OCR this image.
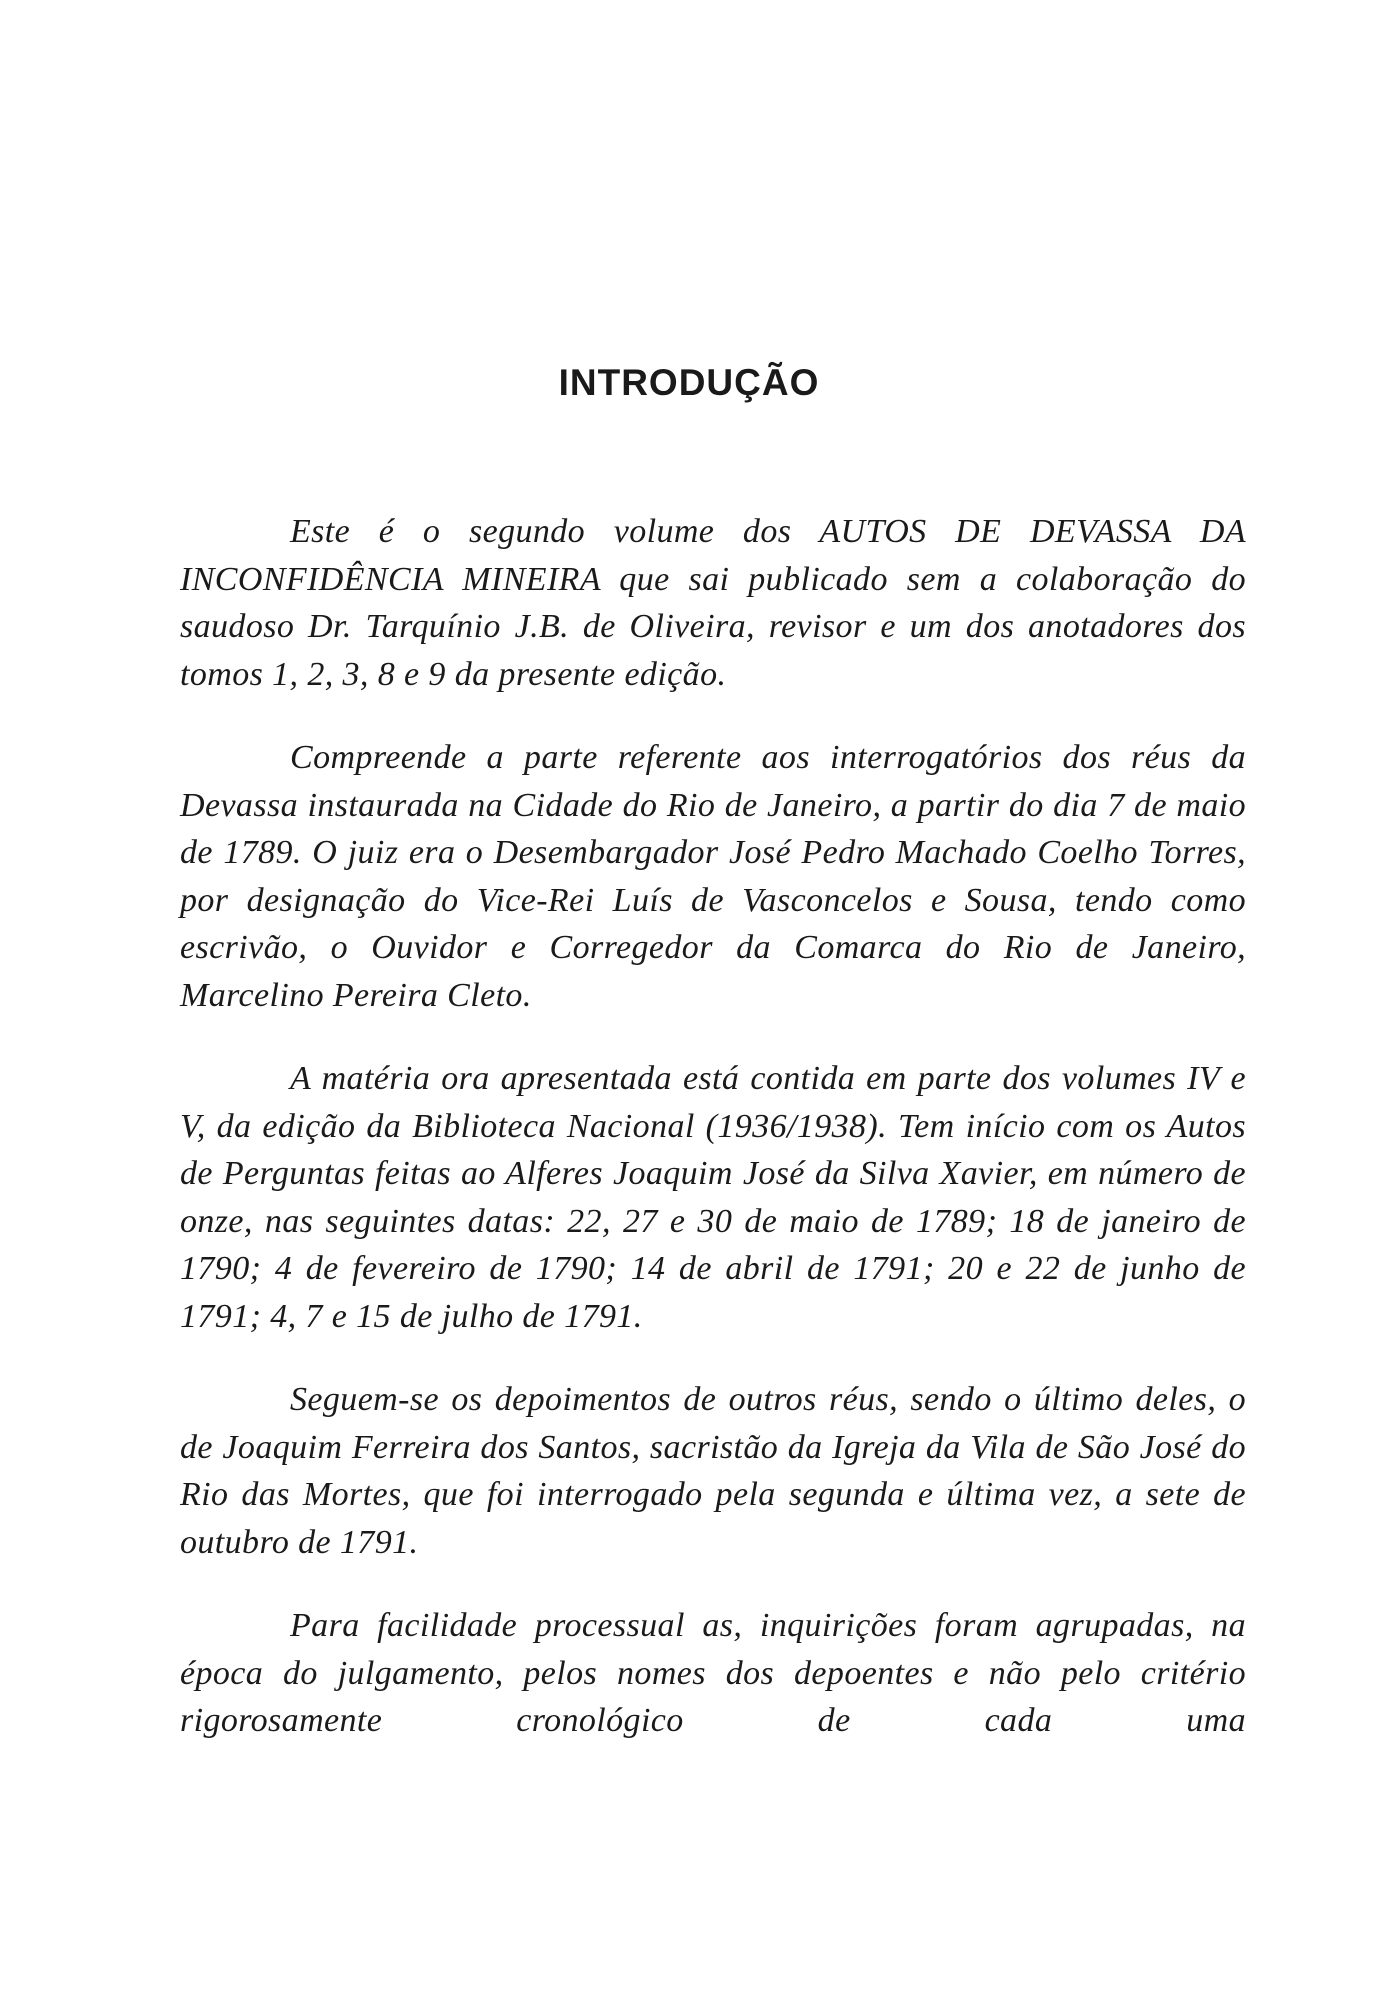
INTRODUÇÃO

Este é o segundo volume dos AUTOS DE DEVASSA DA INCONFIDÊNCIA MINEIRA que sai publicado sem a colaboração do saudoso Dr. Tarquínio J.B. de Oliveira, revisor e um dos anotadores dos tomos 1, 2, 3, 8 e 9 da presente edição.

Compreende a parte referente aos interrogatórios dos réus da Devassa instaurada na Cidade do Rio de Janeiro, a partir do dia 7 de maio de 1789. O juiz era o Desembargador José Pedro Machado Coelho Torres, por designação do Vice-Rei Luís de Vasconcelos e Sousa, tendo como escrivão, o Ouvidor e Corregedor da Comarca do Rio de Janeiro, Marcelino Pereira Cleto.

A matéria ora apresentada está contida em parte dos volumes IV e V, da edição da Biblioteca Nacional (1936/1938). Tem início com os Autos de Perguntas feitas ao Alferes Joaquim José da Silva Xavier, em número de onze, nas seguintes datas: 22, 27 e 30 de maio de 1789; 18 de janeiro de 1790; 4 de fevereiro de 1790; 14 de abril de 1791; 20 e 22 de junho de 1791; 4, 7 e 15 de julho de 1791.

Seguem-se os depoimentos de outros réus, sendo o último deles, o de Joaquim Ferreira dos Santos, sacristão da Igreja da Vila de São José do Rio das Mortes, que foi interrogado pela segunda e última vez, a sete de outubro de 1791.

Para facilidade processual as, inquirições foram agrupadas, na época do julgamento, pelos nomes dos depoentes e não pelo critério rigorosamente cronológico de cada uma
